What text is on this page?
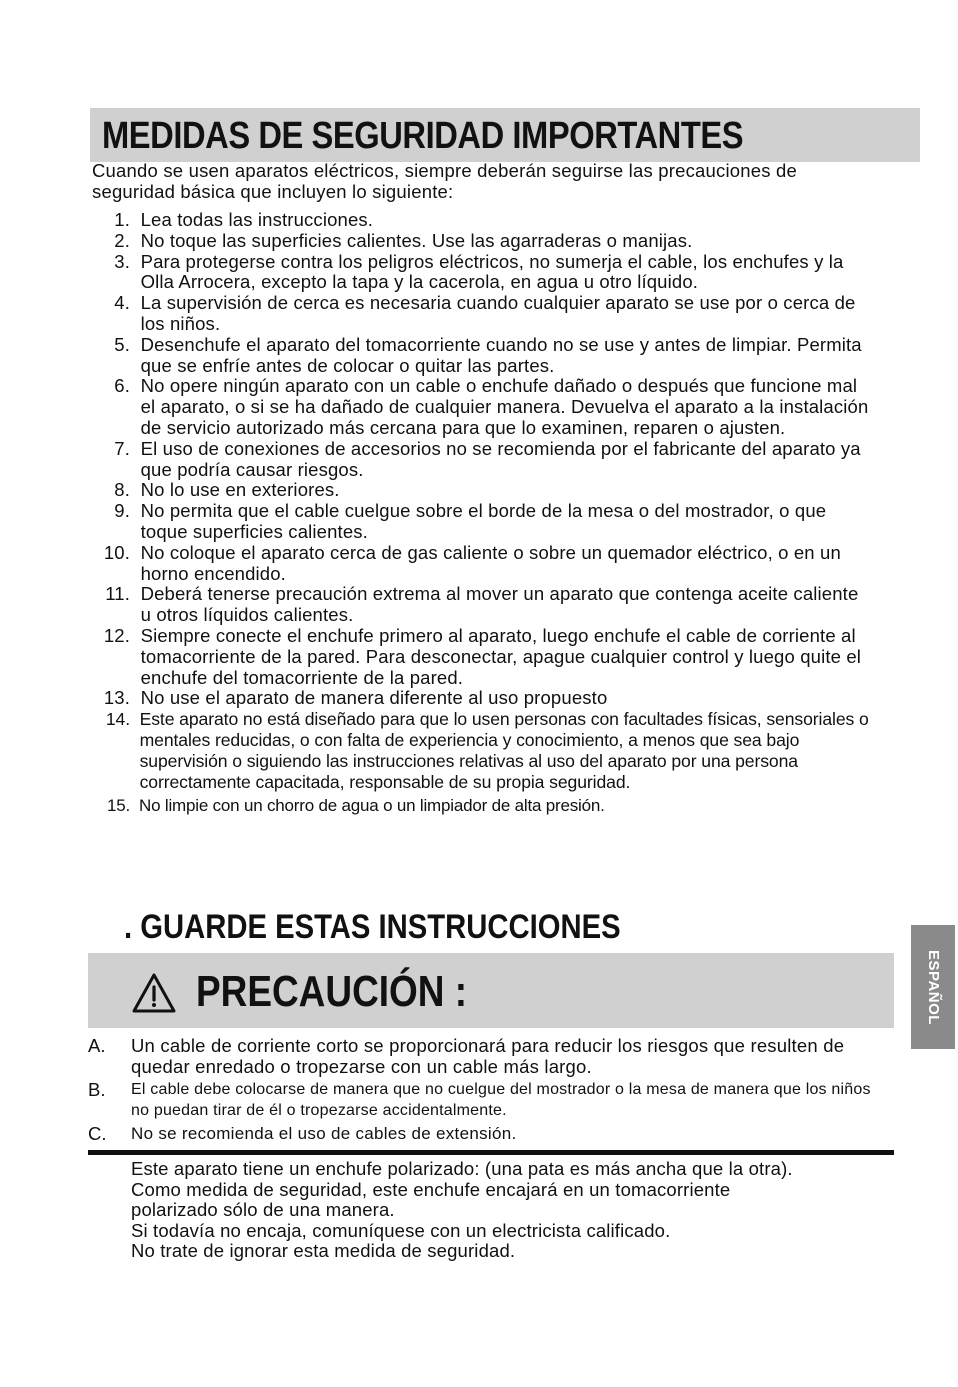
MEDIDAS DE SEGURIDAD IMPORTANTES
Cuando se usen aparatos eléctricos, siempre deberán seguirse las precauciones de seguridad básica que incluyen lo siguiente:
1.
Lea todas las instrucciones.
2.
No toque las superficies calientes. Use las agarraderas o manijas.
3.
Para protegerse contra los peligros eléctricos, no sumerja el cable, los enchufes y la Olla Arrocera, excepto la tapa y la cacerola, en agua u otro líquido.
4.
La supervisión de cerca es necesaria cuando cualquier aparato se use por o cerca de los niños.
5.
Desenchufe el aparato del tomacorriente cuando no se use y antes de limpiar. Permita que se enfríe antes de colocar o quitar las partes.
6.
No opere ningún aparato con un cable o enchufe dañado o después que funcione mal el aparato, o si se ha dañado de cualquier manera. Devuelva el aparato a la instalación de servicio autorizado más cercana para que lo examinen, reparen o ajusten.
7.
El uso de conexiones de accesorios no se recomienda por el fabricante del aparato ya que podría causar riesgos.
8.
No lo use en exteriores.
9.
No permita que el cable cuelgue sobre el borde de la mesa o del mostrador, o que toque superficies calientes.
10.
No coloque el aparato cerca de gas caliente o sobre un quemador eléctrico, o en un horno encendido.
11.
Deberá tenerse precaución extrema al mover un aparato que contenga aceite caliente u otros líquidos calientes.
12.
Siempre conecte el enchufe primero al aparato, luego enchufe el cable de corriente al tomacorriente de la pared. Para desconectar, apague cualquier control y luego quite el enchufe del tomacorriente de la pared.
13.
No use el aparato de manera diferente al uso propuesto
14.
Este aparato no está diseñado para que lo usen personas con facultades físicas, sensoriales o mentales reducidas, o con falta de experiencia y conocimiento, a menos que sea bajo supervisión o siguiendo las instrucciones relativas al uso del aparato por una persona correctamente capacitada, responsable de su propia seguridad.
15.
No limpie con un chorro de agua o un limpiador de alta presión.
. GUARDE ESTAS INSTRUCCIONES
PRECAUCIÓN :	ESPAÑOL
A.	Un cable de corriente corto se proporcionará para reducir los riesgos que resulten de quedar enredado o tropezarse con un cable más largo.
B.	El cable debe colocarse de manera que no cuelgue del mostrador o la mesa de manera que los niños no puedan tirar de él o tropezarse accidentalmente.
C.	No se recomienda el uso de cables de extensión.
Este aparato tiene un enchufe polarizado: (una pata es más ancha que la otra).
Como medida de seguridad, este enchufe encajará en un tomacorriente
polarizado sólo de una manera.
Si todavía no encaja, comuníquese con un electricista calificado.
No trate de ignorar esta medida de seguridad.
